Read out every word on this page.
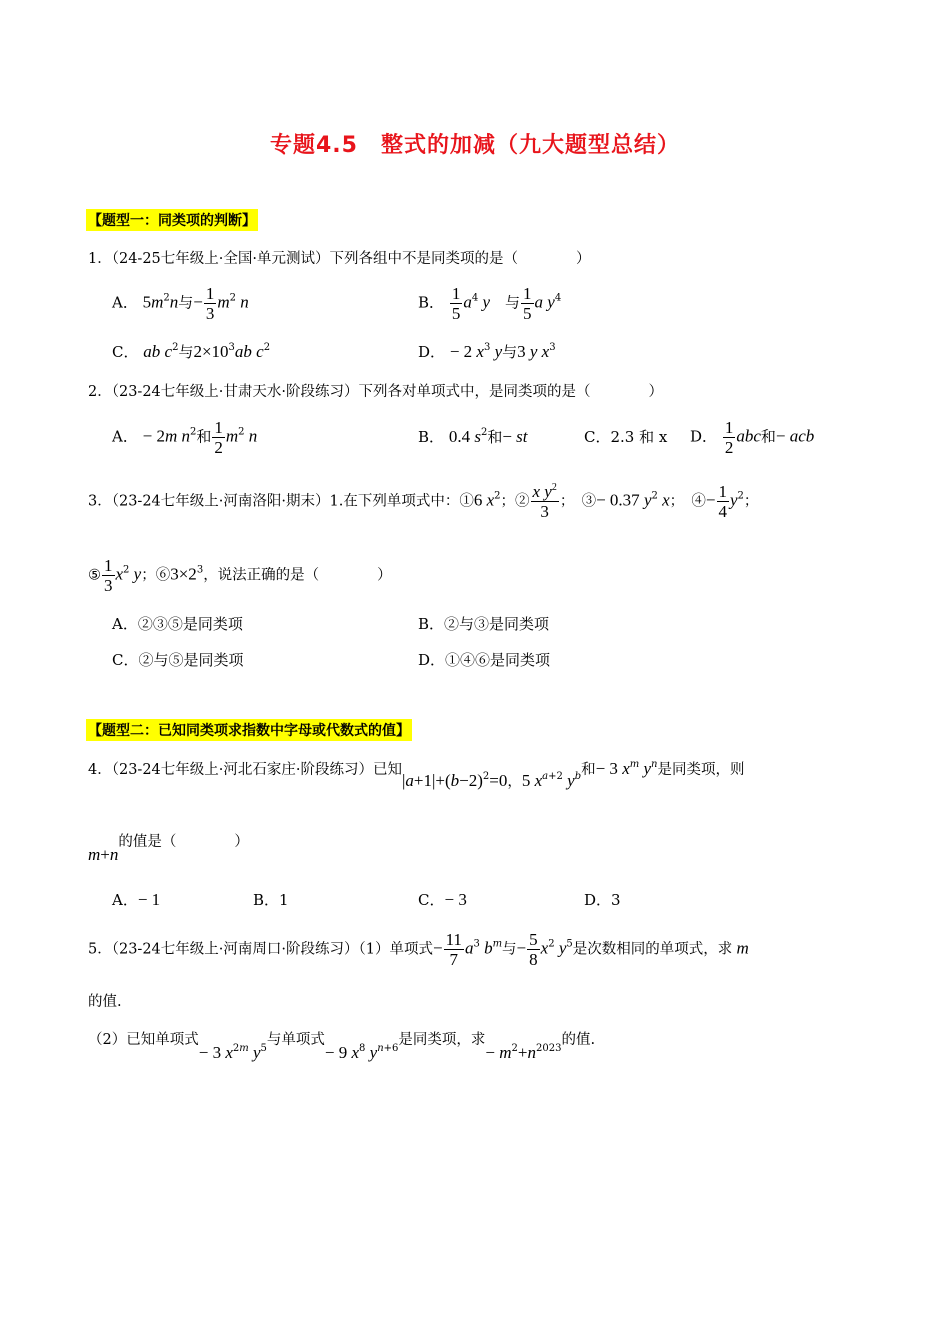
专题4.5　整式的加减（九大题型总结）
【题型一：同类项的判断】
1．（24-25七年级上·全国·单元测试）下列各组中不是同类项的是（　　　　）
A． $5m^2n$与− $\frac{1}{3} m^2$ n	B． $\frac{1}{5} a^4$ y　 与 $\frac{1}{5}$ a $y^4$
C． ab $c^2$与$2\times 10^3ab$ $c^2$	D． − 2 $x^3$ y与3 y $x^3$
2．（23-24七年级上·甘肃天水·阶段练习）下列各对单项式中，是同类项的是（　　　　）
A． − 2m $n^2$和 $\frac{1}{2} m^2$ n	B． 0.4 $s^2$和− st	C．2.3 和 x D． $\frac{1}{2}$ abc和− acb
3．（23-24七年级上·河南洛阳·期末）1.在下列单项式中：①6 $x^2$；② $\frac{x y^2}{3}$ ；　③− 0.37 $y^2$ x；　④− $\frac{1}{4} y^2$；
⑤ $\frac{1}{3} x^2$ y；$⑥3\times 2^3$，说法正确的是（　　　　）
A．②③⑤是同类项	B．②与③是同类项
C．②与⑤是同类项	D．①④⑥是同类项
【题型二：已知同类项求指数中字母或代数式的值】
4．（23-24七年级上·河北石家庄·阶段练习）已知$|a+1|+(b-2)^2=0$，5 $x^{a+2}$ $y^b$和− 3 $x^m$ $y^n$是同类项，则
m+n的值是（　　　　）
A．− 1	B．1	C．− 3	D．3
5．（23-24七年级上·河南周口·阶段练习）（1）单项式− $\frac{11}{7} a^3$ $b^m$与− $\frac{5}{8} x^2$ $y^5$是次数相同的单项式，求 m
的值.
（2）已知单项式− 3 $x^{2m}$ $y^5$与单项式− 9 $x^8$ $y^{n+6}$是同类项，求− $m^2+n^{2023}$的值.
